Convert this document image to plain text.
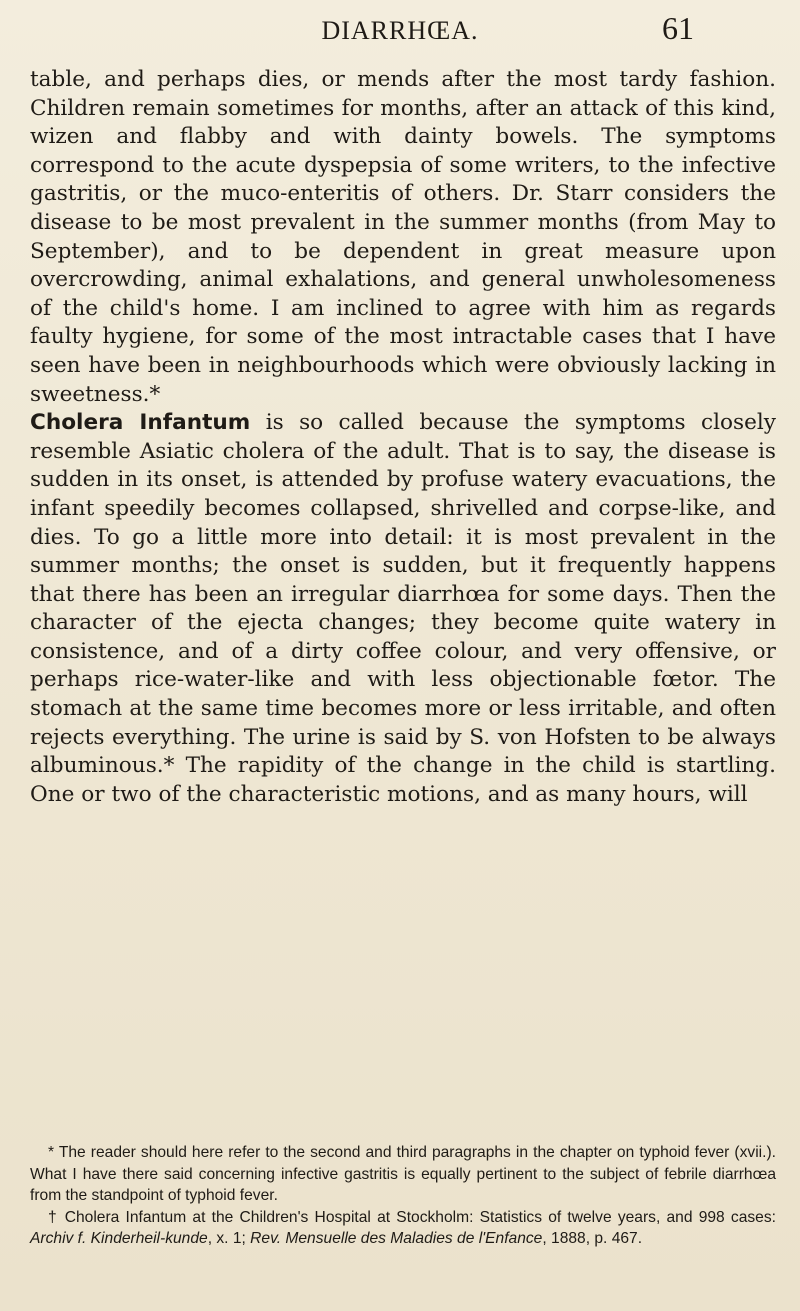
DIARRHŒA.	61

table, and perhaps dies, or mends after the most tardy fashion. Children remain sometimes for months, after an attack of this kind, wizen and flabby and with dainty bowels. The symptoms correspond to the acute dyspepsia of some writers, to the infective gastritis, or the muco-enteritis of others. Dr. Starr considers the disease to be most prevalent in the summer months (from May to September), and to be dependent in great measure upon overcrowding, animal exhalations, and general unwholesomeness of the child's home. I am inclined to agree with him as regards faulty hygiene, for some of the most intractable cases that I have seen have been in neighbourhoods which were obviously lacking in sweetness.*

Cholera Infantum is so called because the symptoms closely resemble Asiatic cholera of the adult. That is to say, the disease is sudden in its onset, is attended by profuse watery evacuations, the infant speedily becomes collapsed, shrivelled and corpse-like, and dies. To go a little more into detail: it is most prevalent in the summer months; the onset is sudden, but it frequently happens that there has been an irregular diarrhœa for some days. Then the character of the ejecta changes; they become quite watery in consistence, and of a dirty coffee colour, and very offensive, or perhaps rice-water-like and with less objectionable fœtor. The stomach at the same time becomes more or less irritable, and often rejects everything. The urine is said by S. von Hofsten to be always albuminous.* The rapidity of the change in the child is startling. One or two of the characteristic motions, and as many hours, will

* The reader should here refer to the second and third paragraphs in the chapter on typhoid fever (xvii.). What I have there said concerning infective gastritis is equally pertinent to the subject of febrile diarrhœa from the standpoint of typhoid fever.

† Cholera Infantum at the Children's Hospital at Stockholm: Statistics of twelve years, and 998 cases: Archiv f. Kinderheil-kunde, x. 1; Rev. Mensuelle des Maladies de l'Enfance, 1888, p. 467.
